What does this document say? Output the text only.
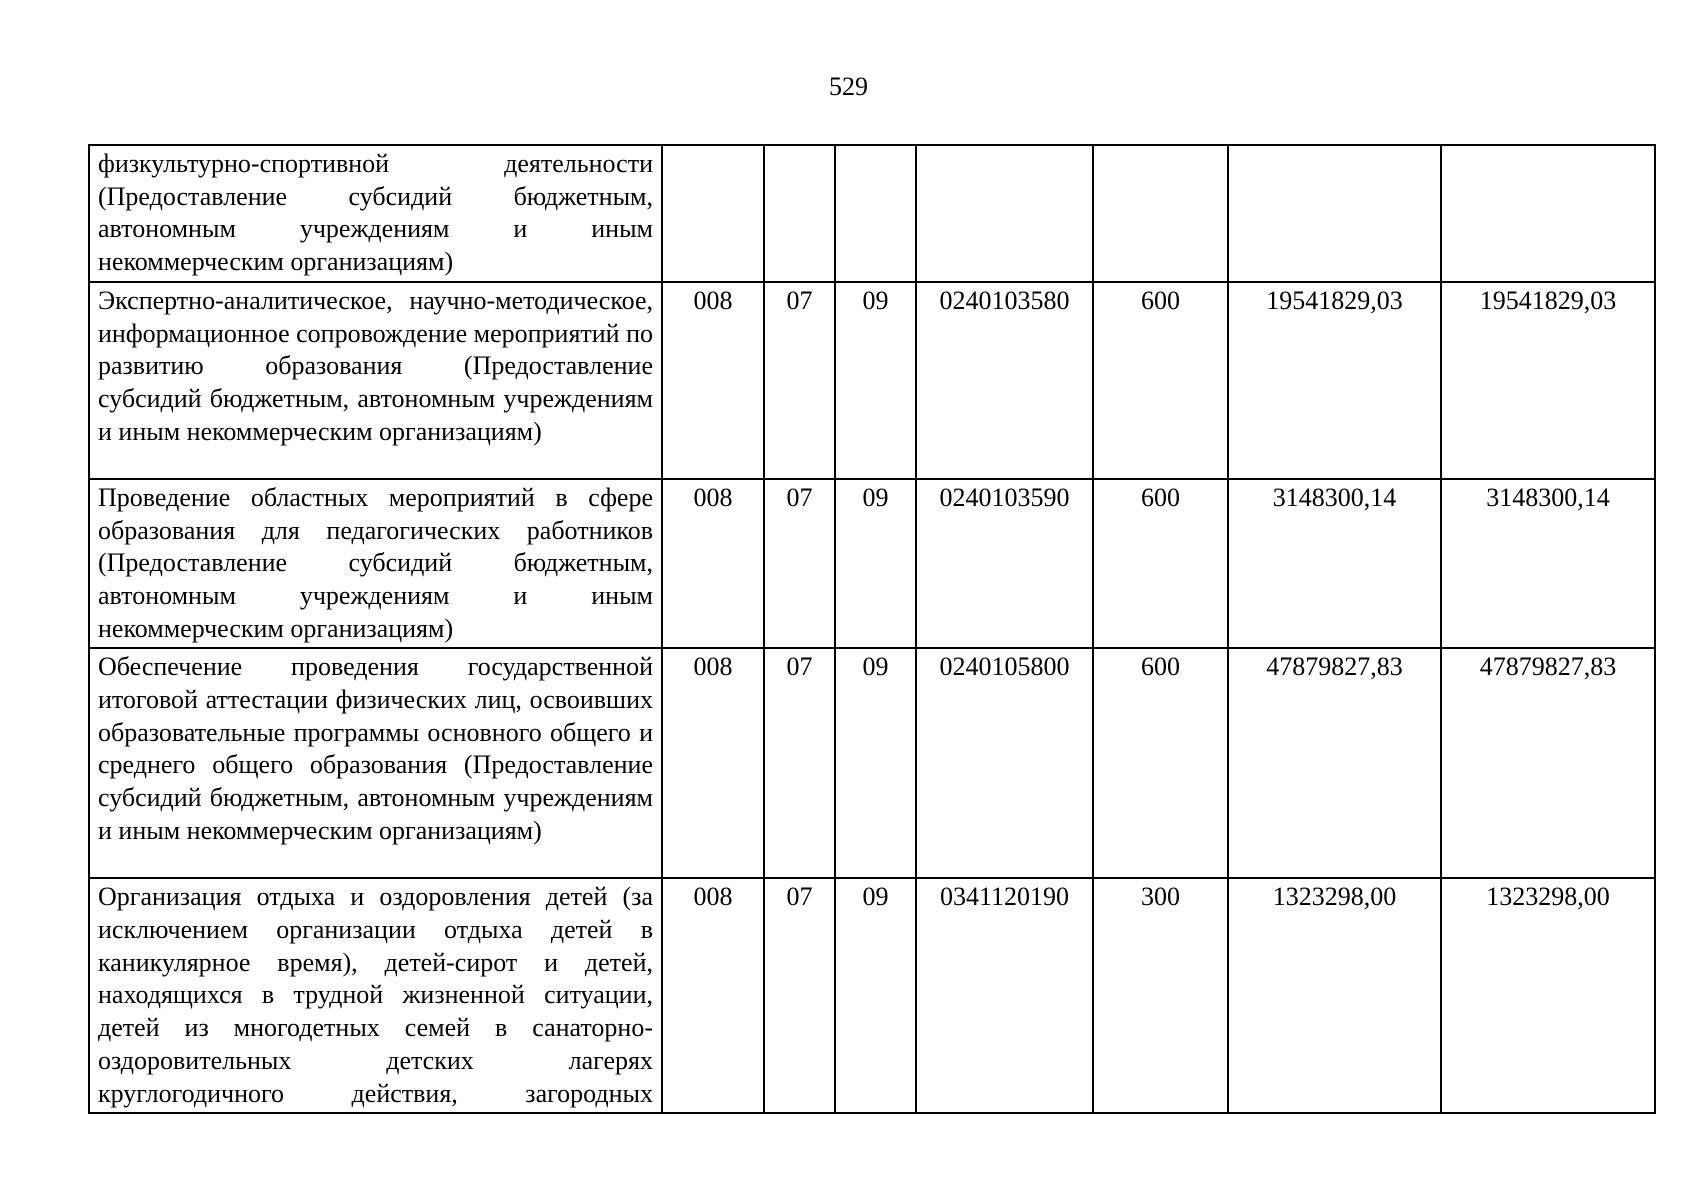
529
физкультурно-спортивной деятельности (Предоставление субсидий бюджетным, автономным учреждениям и иным некоммерческим организациям)							
Экспертно-аналитическое, научно-методическое, информационное сопровождение мероприятий по развитию образования (Предоставление субсидий бюджетным, автономным учреждениям и иным некоммерческим организациям)	008	07	09	0240103580	600	19541829,03	19541829,03
Проведение областных мероприятий в сфере образования для педагогических работников (Предоставление субсидий бюджетным, автономным учреждениям и иным некоммерческим организациям)	008	07	09	0240103590	600	3148300,14	3148300,14
Обеспечение проведения государственной итоговой аттестации физических лиц, освоивших образовательные программы основного общего и среднего общего образования (Предоставление субсидий бюджетным, автономным учреждениям и иным некоммерческим организациям)	008	07	09	0240105800	600	47879827,83	47879827,83
Организация отдыха и оздоровления детей (за исключением организации отдыха детей в каникулярное время), детей-сирот и детей, находящихся в трудной жизненной ситуации, детей из многодетных семей в санаторно-оздоровительных детских лагерях круглогодичного действия, загородных	008	07	09	0341120190	300	1323298,00	1323298,00
